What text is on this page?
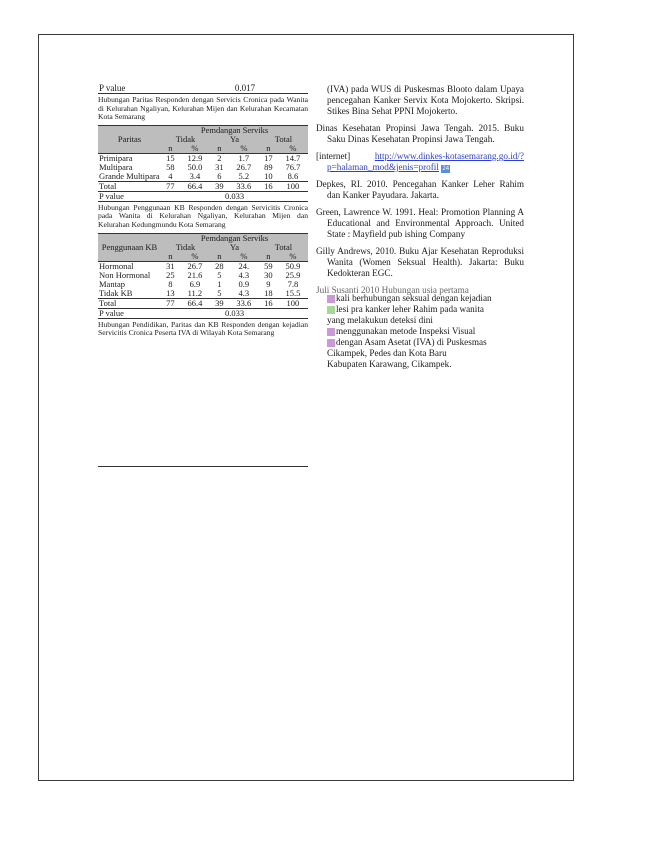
P value	0.017

Hubungan Paritas Responden dengan Servicis Cronica pada Wanita di Kelurahan Ngaliyan, Kelurahan Mijen dan Kelurahan Kecamatan Kota Semarang

Paritas	Pemdangan Serviks					
	Tidak		Ya		Total	
	n	%	n	%	n	%
Primipara	15	12.9	2	1.7	17	14.7
Multipara	58	50.0	31	26.7	89	76.7
Grande Multipara	4	3.4	6	5.2	10	8.6
Total	77	66.4	39	33.6	16	100
P value	0.033					

Hubungan Penggunaan KB Responden dengan Servicitis Cronica pada Wanita di Kelurahan Ngaliyan, Kelurahan Mijen dan Kelurahan Kedungmundu Kota Semarang

Penggunaan KB	Pemdangan Serviks					
	Tidak		Ya		Total	
	n	%	n	%	n	%
Hormonal	31	26.7	28	24.	59	50.9
Non Hormonal	25	21.6	5	4.3	30	25.9
Mantap	8	6.9	1	0.9	9	7.8
Tidak KB	13	11.2	5	4.3	18	15.5
Total	77	66.4	39	33.6	16	100
P value	0.033					

Hubungan Pendidikan, Paritas dan KB Responden dengan kejadian Servicitis Cronica Peserta IVA di Wilayah Kota Semarang

(IVA) pada WUS di Puskesmas Blooto dalam Upaya pencegahan Kanker Servix Kota Mojokerto. Skripsi. Stikes Bina Sehat PPNI Mojokerto.

Dinas Kesehatan Propinsi Jawa Tengah. 2015. Buku Saku Dinas Kesehatan Propinsi Jawa Tengah.

[internet]	http://www.dinkes-kotasemarang.go.id/?p=halaman_mod&jenis=profil 24

Depkes, RI. 2010. Pencegahan Kanker Leher Rahim dan Kanker Payudara. Jakarta.

Green, Lawrence W. 1991. Heal: Promotion Planning A Educational and Environmental Approach. United State : Mayfield pub ishing Company

Gilly Andrews, 2010. Buku Ajar Kesehatan Reproduksi Wanita (Women Seksual Health). Jakarta: Buku Kedokteran EGC.

Juli Susanti 2010 Hubungan usia pertama
kali berhubungan seksual dengan kejadian
lesi pra kanker leher Rahim pada wanita
yang melakukun deteksi dini
menggunakan metode Inspeksi Visual
dengan Asam Asetat (IVA) di Puskesmas
Cikampek, Pedes dan Kota Baru
Kabupaten Karawang, Cikampek.
